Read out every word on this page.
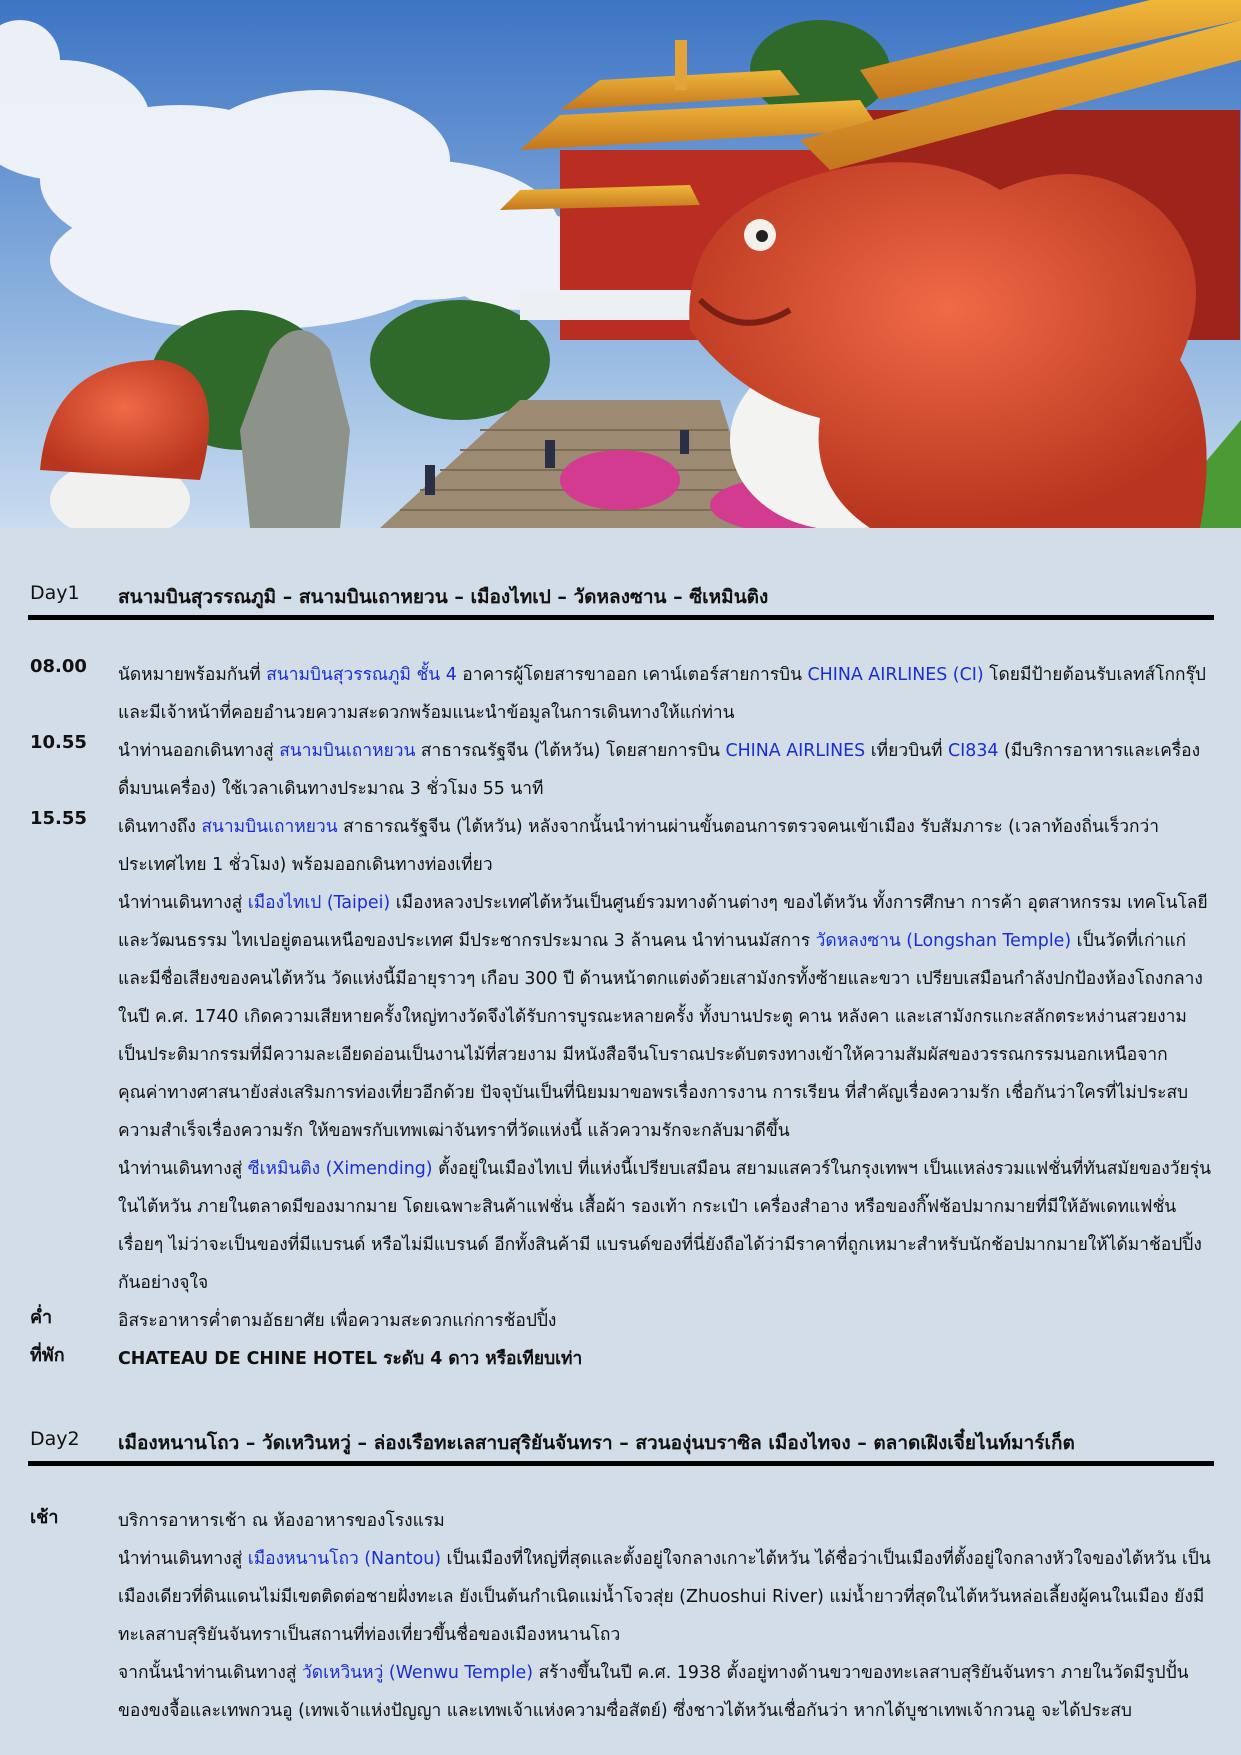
Day1 สนามบินสุวรรณภูมิ – สนามบินเถาหยวน – เมืองไทเป – วัดหลงซาน – ซีเหมินติง
08.00 นัดหมายพร้อมกันที่ สนามบินสุวรรณภูมิ ชั้น 4 อาคารผู้โดยสารขาออก เคาน์เตอร์สายการบิน CHINA AIRLINES (CI) โดยมีป้ายต้อนรับเลทส์โกกรุ๊ป และมีเจ้าหน้าที่คอยอำนวยความสะดวกพร้อมแนะนำข้อมูลในการเดินทางให้แก่ท่าน
10.55 นำท่านออกเดินทางสู่ สนามบินเถาหยวน สาธารณรัฐจีน (ไต้หวัน) โดยสายการบิน CHINA AIRLINES เที่ยวบินที่ CI834 (มีบริการอาหารและเครื่องดื่มบนเครื่อง) ใช้เวลาเดินทางประมาณ 3 ชั่วโมง 55 นาที
15.55 เดินทางถึง สนามบินเถาหยวน สาธารณรัฐจีน (ไต้หวัน) หลังจากนั้นนำท่านผ่านขั้นตอนการตรวจคนเข้าเมือง รับสัมภาระ (เวลาท้องถิ่นเร็วกว่าประเทศไทย 1 ชั่วโมง) พร้อมออกเดินทางท่องเที่ยว
นำท่านเดินทางสู่ เมืองไทเป (Taipei) เมืองหลวงประเทศไต้หวันเป็นศูนย์รวมทางด้านต่างๆ ของไต้หวัน ทั้งการศึกษา การค้า อุตสาหกรรม เทคโนโลยี และวัฒนธรรม ไทเปอยู่ตอนเหนือของประเทศ มีประชากรประมาณ 3 ล้านคน นำท่านนมัสการ วัดหลงซาน (Longshan Temple) เป็นวัดที่เก่าแก่และมีชื่อเสียงของคนไต้หวัน วัดแห่งนี้มีอายุราวๆ เกือบ 300 ปี ด้านหน้าตกแต่งด้วยเสามังกรทั้งซ้ายและขวา เปรียบเสมือนกำลังปกป้องห้องโถงกลาง ในปี ค.ศ. 1740 เกิดความเสียหายครั้งใหญ่ทางวัดจึงได้รับการบูรณะหลายครั้ง ทั้งบานประตู คาน หลังคา และเสามังกรแกะสลักตระหง่านสวยงาม เป็นประติมากรรมที่มีความละเอียดอ่อนเป็นงานไม้ที่สวยงาม มีหนังสือจีนโบราณประดับตรงทางเข้าให้ความสัมผัสของวรรณกรรมนอกเหนือจากคุณค่าทางศาสนายังส่งเสริมการท่องเที่ยวอีกด้วย ปัจจุบันเป็นที่นิยมมาขอพรเรื่องการงาน การเรียน ที่สำคัญเรื่องความรัก เชื่อกันว่าใครที่ไม่ประสบความสำเร็จเรื่องความรัก ให้ขอพรกับเทพเฒ่าจันทราที่วัดแห่งนี้ แล้วความรักจะกลับมาดีขึ้น
นำท่านเดินทางสู่ ซีเหมินติง (Ximending) ตั้งอยู่ในเมืองไทเป ที่แห่งนี้เปรียบเสมือน สยามแสควร์ในกรุงเทพฯ เป็นแหล่งรวมแฟชั่นที่ทันสมัยของวัยรุ่นในไต้หวัน ภายในตลาดมีของมากมาย โดยเฉพาะสินค้าแฟชั่น เสื้อผ้า รองเท้า กระเป๋า เครื่องสำอาง หรือของกิ๊ฟช้อปมากมายที่มีให้อัพเดทแฟชั่นเรื่อยๆ ไม่ว่าจะเป็นของที่มีแบรนด์ หรือไม่มีแบรนด์ อีกทั้งสินค้ามี แบรนด์ของที่นี่ยังถือได้ว่ามีราคาที่ถูกเหมาะสำหรับนักช้อปมากมายให้ได้มาช้อปปิ้งกันอย่างจุใจ
ค่ำ	อิสระอาหารค่ำตามอัธยาศัย เพื่อความสะดวกแก่การช้อปปิ้ง
ที่พัก	CHATEAU DE CHINE HOTEL ระดับ 4 ดาว หรือเทียบเท่า
Day2 เมืองหนานโถว – วัดเหวินหวู่ – ล่องเรือทะเลสาบสุริยันจันทรา – สวนองุ่นบราซิล เมืองไทจง – ตลาดเฝิงเจี๋ยไนท์มาร์เก็ต
เช้า	บริการอาหารเช้า ณ ห้องอาหารของโรงแรม
นำท่านเดินทางสู่ เมืองหนานโถว (Nantou) เป็นเมืองที่ใหญ่ที่สุดและตั้งอยู่ใจกลางเกาะไต้หวัน ได้ชื่อว่าเป็นเมืองที่ตั้งอยู่ใจกลางหัวใจของไต้หวัน เป็นเมืองเดียวที่ดินแดนไม่มีเขตติดต่อชายฝั่งทะเล ยังเป็นต้นกำเนิดแม่น้ำโจวสุ่ย (Zhuoshui River) แม่น้ำยาวที่สุดในไต้หวันหล่อเลี้ยงผู้คนในเมือง ยังมีทะเลสาบสุริยันจันทราเป็นสถานที่ท่องเที่ยวขึ้นชื่อของเมืองหนานโถว
จากนั้นนำท่านเดินทางสู่ วัดเหวินหวู่ (Wenwu Temple) สร้างขึ้นในปี ค.ศ. 1938 ตั้งอยู่ทางด้านขวาของทะเลสาบสุริยันจันทรา ภายในวัดมีรูปปั้นของขงจื้อและเทพกวนอู (เทพเจ้าแห่งปัญญา และเทพเจ้าแห่งความซื่อสัตย์) ซึ่งชาวไต้หวันเชื่อกันว่า หากได้บูชาเทพเจ้ากวนอู จะได้ประสบ
